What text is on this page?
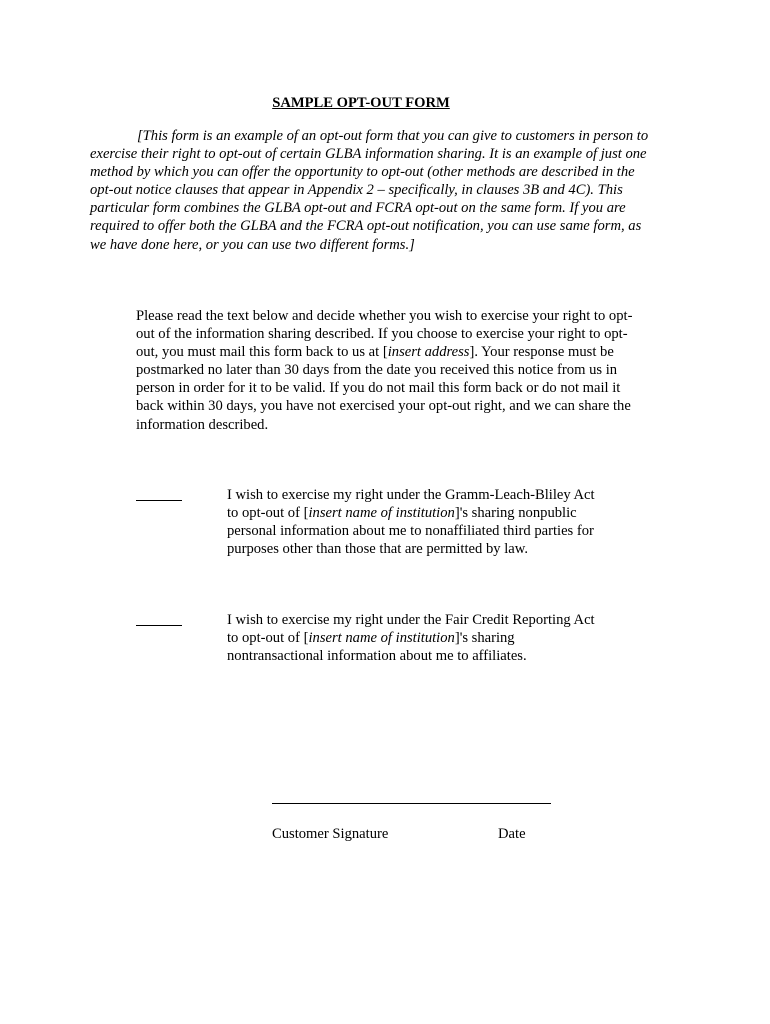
SAMPLE OPT-OUT FORM
[This form is an example of an opt-out form that you can give to customers in person to exercise their right to opt-out of certain GLBA information sharing. It is an example of just one method by which you can offer the opportunity to opt-out (other methods are described in the opt-out notice clauses that appear in Appendix 2 – specifically, in clauses 3B and 4C). This particular form combines the GLBA opt-out and FCRA opt-out on the same form. If you are required to offer both the GLBA and the FCRA opt-out notification, you can use same form, as we have done here, or you can use two different forms.]
Please read the text below and decide whether you wish to exercise your right to opt-out of the information sharing described. If you choose to exercise your right to opt-out, you must mail this form back to us at [insert address]. Your response must be postmarked no later than 30 days from the date you received this notice from us in person in order for it to be valid. If you do not mail this form back or do not mail it back within 30 days, you have not exercised your opt-out right, and we can share the information described.
I wish to exercise my right under the Gramm-Leach-Bliley Act to opt-out of [insert name of institution]'s sharing nonpublic personal information about me to nonaffiliated third parties for purposes other than those that are permitted by law.
I wish to exercise my right under the Fair Credit Reporting Act to opt-out of [insert name of institution]'s sharing nontransactional information about me to affiliates.
Customer Signature	Date
